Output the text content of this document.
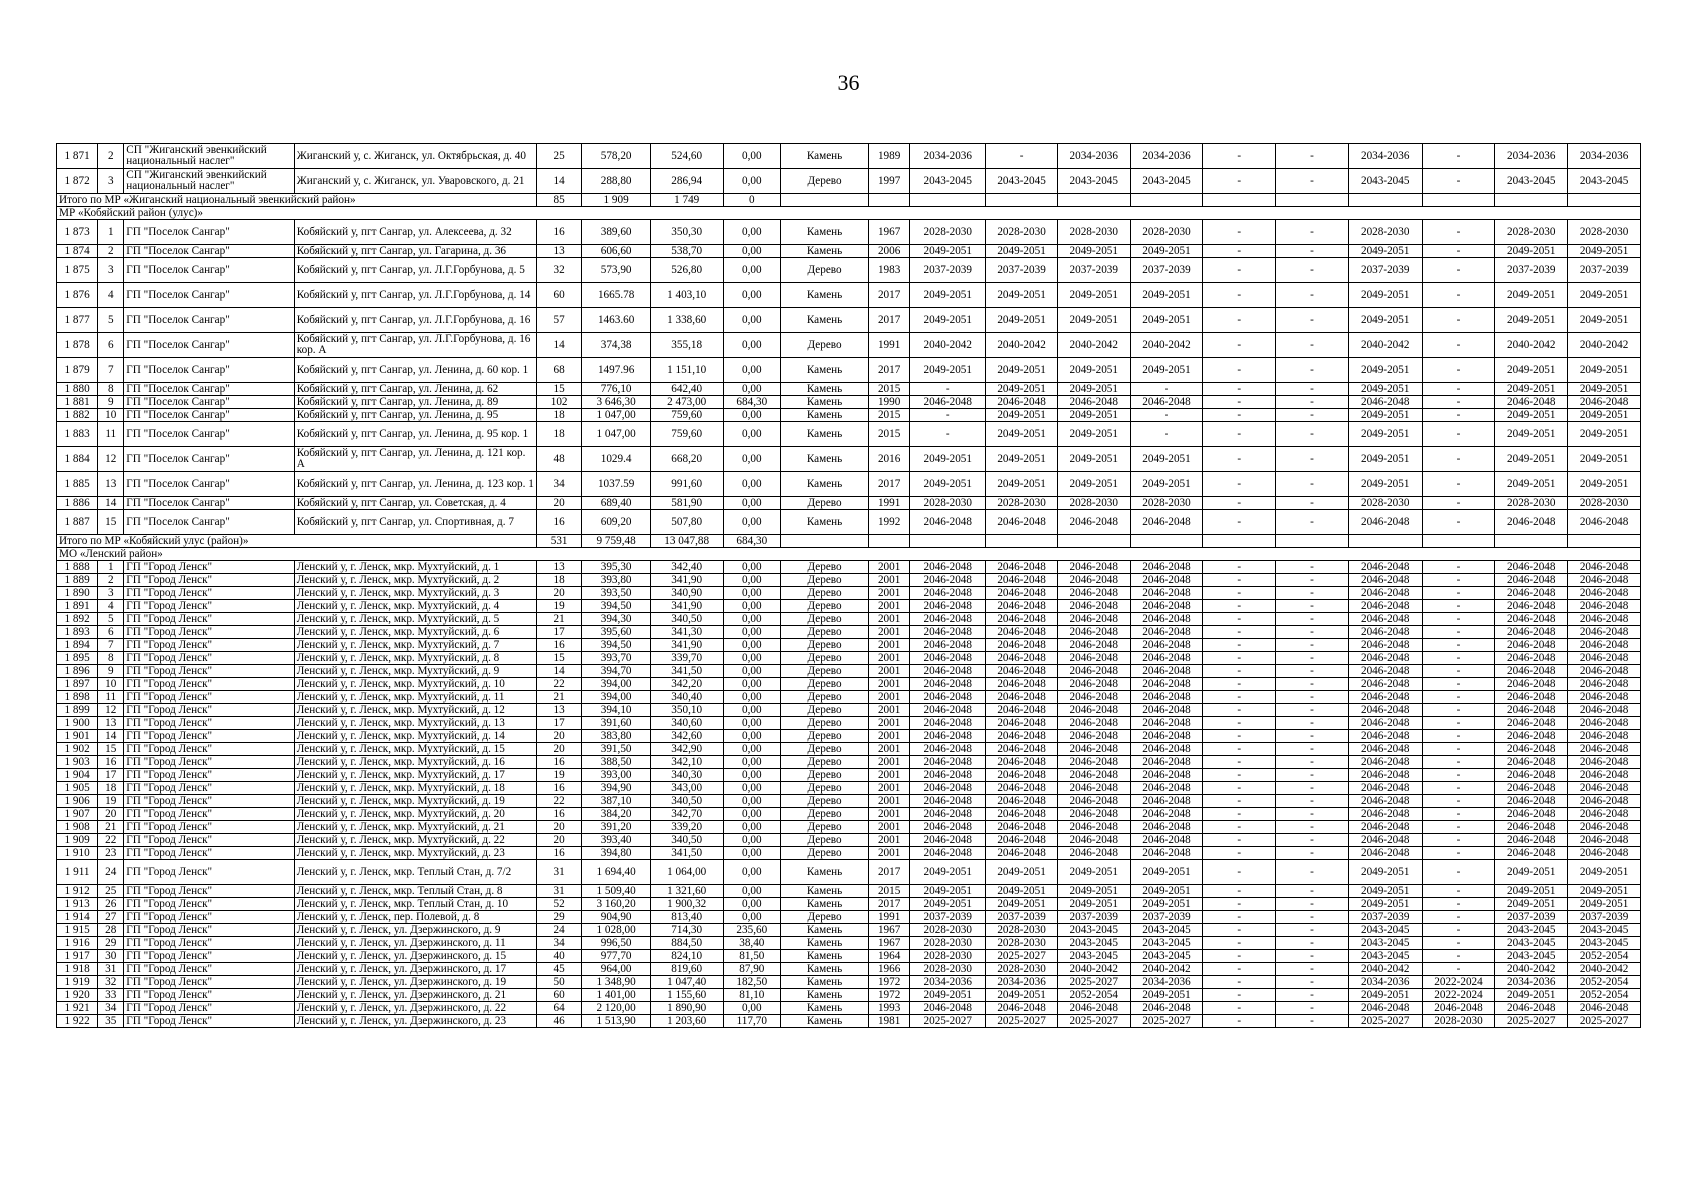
36
1 871	2	СП "Жиганский эвенкийский национальный наслег"	Жиганский у, с. Жиганск, ул. Октябрьская, д. 40	25	578,20	524,60	0,00	Камень	1989	2034-2036	-	2034-2036	2034-2036	-	-	2034-2036	-	2034-2036	2034-2036
1 872	3	СП "Жиганский эвенкийский национальный наслег"	Жиганский у, с. Жиганск, ул. Уваровского, д. 21	14	288,80	286,94	0,00	Дерево	1997	2043-2045	2043-2045	2043-2045	2043-2045	-	-	2043-2045	-	2043-2045	2043-2045
Итого по МР «Жиганский национальный эвенкийский район»				85	1 909	1 749	0												
МР «Кобяйский район (улус)»																			
1 873	1	ГП "Поселок Сангар"	Кобяйский у, пгт Сангар, ул. Алексеева, д. 32	16	389,60	350,30	0,00	Камень	1967	2028-2030	2028-2030	2028-2030	2028-2030	-	-	2028-2030	-	2028-2030	2028-2030
1 874	2	ГП "Поселок Сангар"	Кобяйский у, пгт Сангар, ул. Гагарина, д. 36	13	606,60	538,70	0,00	Камень	2006	2049-2051	2049-2051	2049-2051	2049-2051	-	-	2049-2051	-	2049-2051	2049-2051
1 875	3	ГП "Поселок Сангар"	Кобяйский у, пгт Сангар, ул. Л.Г.Горбунова, д. 5	32	573,90	526,80	0,00	Дерево	1983	2037-2039	2037-2039	2037-2039	2037-2039	-	-	2037-2039	-	2037-2039	2037-2039
1 876	4	ГП "Поселок Сангар"	Кобяйский у, пгт Сангар, ул. Л.Г.Горбунова, д. 14	60	1665.78	1 403,10	0,00	Камень	2017	2049-2051	2049-2051	2049-2051	2049-2051	-	-	2049-2051	-	2049-2051	2049-2051
1 877	5	ГП "Поселок Сангар"	Кобяйский у, пгт Сангар, ул. Л.Г.Горбунова, д. 16	57	1463.60	1 338,60	0,00	Камень	2017	2049-2051	2049-2051	2049-2051	2049-2051	-	-	2049-2051	-	2049-2051	2049-2051
1 878	6	ГП "Поселок Сангар"	Кобяйский у, пгт Сангар, ул. Л.Г.Горбунова, д. 16 кор. А	14	374,38	355,18	0,00	Дерево	1991	2040-2042	2040-2042	2040-2042	2040-2042	-	-	2040-2042	-	2040-2042	2040-2042
1 879	7	ГП "Поселок Сангар"	Кобяйский у, пгт Сангар, ул. Ленина, д. 60 кор. 1	68	1497.96	1 151,10	0,00	Камень	2017	2049-2051	2049-2051	2049-2051	2049-2051	-	-	2049-2051	-	2049-2051	2049-2051
1 880	8	ГП "Поселок Сангар"	Кобяйский у, пгт Сангар, ул. Ленина, д. 62	15	776,10	642,40	0,00	Камень	2015	-	2049-2051	2049-2051	-	-	-	2049-2051	-	2049-2051	2049-2051
1 881	9	ГП "Поселок Сангар"	Кобяйский у, пгт Сангар, ул. Ленина, д. 89	102	3 646,30	2 473,00	684,30	Камень	1990	2046-2048	2046-2048	2046-2048	2046-2048	-	-	2046-2048	-	2046-2048	2046-2048
1 882	10	ГП "Поселок Сангар"	Кобяйский у, пгт Сангар, ул. Ленина, д. 95	18	1 047,00	759,60	0,00	Камень	2015	-	2049-2051	2049-2051	-	-	-	2049-2051	-	2049-2051	2049-2051
1 883	11	ГП "Поселок Сангар"	Кобяйский у, пгт Сангар, ул. Ленина, д. 95 кор. 1	18	1 047,00	759,60	0,00	Камень	2015	-	2049-2051	2049-2051	-	-	-	2049-2051	-	2049-2051	2049-2051
1 884	12	ГП "Поселок Сангар"	Кобяйский у, пгт Сангар, ул. Ленина, д. 121 кор. А	48	1029.4	668,20	0,00	Камень	2016	2049-2051	2049-2051	2049-2051	2049-2051	-	-	2049-2051	-	2049-2051	2049-2051
1 885	13	ГП "Поселок Сангар"	Кобяйский у, пгт Сангар, ул. Ленина, д. 123 кор. 1	34	1037.59	991,60	0,00	Камень	2017	2049-2051	2049-2051	2049-2051	2049-2051	-	-	2049-2051	-	2049-2051	2049-2051
1 886	14	ГП "Поселок Сангар"	Кобяйский у, пгт Сангар, ул. Советская, д. 4	20	689,40	581,90	0,00	Дерево	1991	2028-2030	2028-2030	2028-2030	2028-2030	-	-	2028-2030	-	2028-2030	2028-2030
1 887	15	ГП "Поселок Сангар"	Кобяйский у, пгт Сангар, ул. Спортивная, д. 7	16	609,20	507,80	0,00	Камень	1992	2046-2048	2046-2048	2046-2048	2046-2048	-	-	2046-2048	-	2046-2048	2046-2048
Итого по МР «Кобяйский улус (район)»				531	9 759,48	13 047,88	684,30												
МО «Ленский район»																			
1 888	1	ГП "Город Ленск"	Ленский у, г. Ленск, мкр. Мухтуйский, д. 1	13	395,30	342,40	0,00	Дерево	2001	2046-2048	2046-2048	2046-2048	2046-2048	-	-	2046-2048	-	2046-2048	2046-2048
1 889	2	ГП "Город Ленск"	Ленский у, г. Ленск, мкр. Мухтуйский, д. 2	18	393,80	341,90	0,00	Дерево	2001	2046-2048	2046-2048	2046-2048	2046-2048	-	-	2046-2048	-	2046-2048	2046-2048
1 890	3	ГП "Город Ленск"	Ленский у, г. Ленск, мкр. Мухтуйский, д. 3	20	393,50	340,90	0,00	Дерево	2001	2046-2048	2046-2048	2046-2048	2046-2048	-	-	2046-2048	-	2046-2048	2046-2048
1 891	4	ГП "Город Ленск"	Ленский у, г. Ленск, мкр. Мухтуйский, д. 4	19	394,50	341,90	0,00	Дерево	2001	2046-2048	2046-2048	2046-2048	2046-2048	-	-	2046-2048	-	2046-2048	2046-2048
1 892	5	ГП "Город Ленск"	Ленский у, г. Ленск, мкр. Мухтуйский, д. 5	21	394,30	340,50	0,00	Дерево	2001	2046-2048	2046-2048	2046-2048	2046-2048	-	-	2046-2048	-	2046-2048	2046-2048
1 893	6	ГП "Город Ленск"	Ленский у, г. Ленск, мкр. Мухтуйский, д. 6	17	395,60	341,30	0,00	Дерево	2001	2046-2048	2046-2048	2046-2048	2046-2048	-	-	2046-2048	-	2046-2048	2046-2048
1 894	7	ГП "Город Ленск"	Ленский у, г. Ленск, мкр. Мухтуйский, д. 7	16	394,50	341,90	0,00	Дерево	2001	2046-2048	2046-2048	2046-2048	2046-2048	-	-	2046-2048	-	2046-2048	2046-2048
1 895	8	ГП "Город Ленск"	Ленский у, г. Ленск, мкр. Мухтуйский, д. 8	15	393,70	339,70	0,00	Дерево	2001	2046-2048	2046-2048	2046-2048	2046-2048	-	-	2046-2048	-	2046-2048	2046-2048
1 896	9	ГП "Город Ленск"	Ленский у, г. Ленск, мкр. Мухтуйский, д. 9	14	394,70	341,50	0,00	Дерево	2001	2046-2048	2046-2048	2046-2048	2046-2048	-	-	2046-2048	-	2046-2048	2046-2048
1 897	10	ГП "Город Ленск"	Ленский у, г. Ленск, мкр. Мухтуйский, д. 10	22	394,00	342,20	0,00	Дерево	2001	2046-2048	2046-2048	2046-2048	2046-2048	-	-	2046-2048	-	2046-2048	2046-2048
1 898	11	ГП "Город Ленск"	Ленский у, г. Ленск, мкр. Мухтуйский, д. 11	21	394,00	340,40	0,00	Дерево	2001	2046-2048	2046-2048	2046-2048	2046-2048	-	-	2046-2048	-	2046-2048	2046-2048
1 899	12	ГП "Город Ленск"	Ленский у, г. Ленск, мкр. Мухтуйский, д. 12	13	394,10	350,10	0,00	Дерево	2001	2046-2048	2046-2048	2046-2048	2046-2048	-	-	2046-2048	-	2046-2048	2046-2048
1 900	13	ГП "Город Ленск"	Ленский у, г. Ленск, мкр. Мухтуйский, д. 13	17	391,60	340,60	0,00	Дерево	2001	2046-2048	2046-2048	2046-2048	2046-2048	-	-	2046-2048	-	2046-2048	2046-2048
1 901	14	ГП "Город Ленск"	Ленский у, г. Ленск, мкр. Мухтуйский, д. 14	20	383,80	342,60	0,00	Дерево	2001	2046-2048	2046-2048	2046-2048	2046-2048	-	-	2046-2048	-	2046-2048	2046-2048
1 902	15	ГП "Город Ленск"	Ленский у, г. Ленск, мкр. Мухтуйский, д. 15	20	391,50	342,90	0,00	Дерево	2001	2046-2048	2046-2048	2046-2048	2046-2048	-	-	2046-2048	-	2046-2048	2046-2048
1 903	16	ГП "Город Ленск"	Ленский у, г. Ленск, мкр. Мухтуйский, д. 16	16	388,50	342,10	0,00	Дерево	2001	2046-2048	2046-2048	2046-2048	2046-2048	-	-	2046-2048	-	2046-2048	2046-2048
1 904	17	ГП "Город Ленск"	Ленский у, г. Ленск, мкр. Мухтуйский, д. 17	19	393,00	340,30	0,00	Дерево	2001	2046-2048	2046-2048	2046-2048	2046-2048	-	-	2046-2048	-	2046-2048	2046-2048
1 905	18	ГП "Город Ленск"	Ленский у, г. Ленск, мкр. Мухтуйский, д. 18	16	394,90	343,00	0,00	Дерево	2001	2046-2048	2046-2048	2046-2048	2046-2048	-	-	2046-2048	-	2046-2048	2046-2048
1 906	19	ГП "Город Ленск"	Ленский у, г. Ленск, мкр. Мухтуйский, д. 19	22	387,10	340,50	0,00	Дерево	2001	2046-2048	2046-2048	2046-2048	2046-2048	-	-	2046-2048	-	2046-2048	2046-2048
1 907	20	ГП "Город Ленск"	Ленский у, г. Ленск, мкр. Мухтуйский, д. 20	16	384,20	342,70	0,00	Дерево	2001	2046-2048	2046-2048	2046-2048	2046-2048	-	-	2046-2048	-	2046-2048	2046-2048
1 908	21	ГП "Город Ленск"	Ленский у, г. Ленск, мкр. Мухтуйский, д. 21	20	391,20	339,20	0,00	Дерево	2001	2046-2048	2046-2048	2046-2048	2046-2048	-	-	2046-2048	-	2046-2048	2046-2048
1 909	22	ГП "Город Ленск"	Ленский у, г. Ленск, мкр. Мухтуйский, д. 22	20	393,40	340,50	0,00	Дерево	2001	2046-2048	2046-2048	2046-2048	2046-2048	-	-	2046-2048	-	2046-2048	2046-2048
1 910	23	ГП "Город Ленск"	Ленский у, г. Ленск, мкр. Мухтуйский, д. 23	16	394,80	341,50	0,00	Дерево	2001	2046-2048	2046-2048	2046-2048	2046-2048	-	-	2046-2048	-	2046-2048	2046-2048
1 911	24	ГП "Город Ленск"	Ленский у, г. Ленск, мкр. Теплый Стан, д. 7/2	31	1 694,40	1 064,00	0,00	Камень	2017	2049-2051	2049-2051	2049-2051	2049-2051	-	-	2049-2051	-	2049-2051	2049-2051
1 912	25	ГП "Город Ленск"	Ленский у, г. Ленск, мкр. Теплый Стан, д. 8	31	1 509,40	1 321,60	0,00	Камень	2015	2049-2051	2049-2051	2049-2051	2049-2051	-	-	2049-2051	-	2049-2051	2049-2051
1 913	26	ГП "Город Ленск"	Ленский у, г. Ленск, мкр. Теплый Стан, д. 10	52	3 160,20	1 900,32	0,00	Камень	2017	2049-2051	2049-2051	2049-2051	2049-2051	-	-	2049-2051	-	2049-2051	2049-2051
1 914	27	ГП "Город Ленск"	Ленский у, г. Ленск, пер. Полевой, д. 8	29	904,90	813,40	0,00	Дерево	1991	2037-2039	2037-2039	2037-2039	2037-2039	-	-	2037-2039	-	2037-2039	2037-2039
1 915	28	ГП "Город Ленск"	Ленский у, г. Ленск, ул. Дзержинского, д. 9	24	1 028,00	714,30	235,60	Камень	1967	2028-2030	2028-2030	2043-2045	2043-2045	-	-	2043-2045	-	2043-2045	2043-2045
1 916	29	ГП "Город Ленск"	Ленский у, г. Ленск, ул. Дзержинского, д. 11	34	996,50	884,50	38,40	Камень	1967	2028-2030	2028-2030	2043-2045	2043-2045	-	-	2043-2045	-	2043-2045	2043-2045
1 917	30	ГП "Город Ленск"	Ленский у, г. Ленск, ул. Дзержинского, д. 15	40	977,70	824,10	81,50	Камень	1964	2028-2030	2025-2027	2043-2045	2043-2045	-	-	2043-2045	-	2043-2045	2052-2054
1 918	31	ГП "Город Ленск"	Ленский у, г. Ленск, ул. Дзержинского, д. 17	45	964,00	819,60	87,90	Камень	1966	2028-2030	2028-2030	2040-2042	2040-2042	-	-	2040-2042	-	2040-2042	2040-2042
1 919	32	ГП "Город Ленск"	Ленский у, г. Ленск, ул. Дзержинского, д. 19	50	1 348,90	1 047,40	182,50	Камень	1972	2034-2036	2034-2036	2025-2027	2034-2036	-	-	2034-2036	2022-2024	2034-2036	2052-2054
1 920	33	ГП "Город Ленск"	Ленский у, г. Ленск, ул. Дзержинского, д. 21	60	1 401,00	1 155,60	81,10	Камень	1972	2049-2051	2049-2051	2052-2054	2049-2051	-	-	2049-2051	2022-2024	2049-2051	2052-2054
1 921	34	ГП "Город Ленск"	Ленский у, г. Ленск, ул. Дзержинского, д. 22	64	2 120,00	1 890,90	0,00	Камень	1993	2046-2048	2046-2048	2046-2048	2046-2048	-	-	2046-2048	2046-2048	2046-2048	2046-2048
1 922	35	ГП "Город Ленск"	Ленский у, г. Ленск, ул. Дзержинского, д. 23	46	1 513,90	1 203,60	117,70	Камень	1981	2025-2027	2025-2027	2025-2027	2025-2027	-	-	2025-2027	2028-2030	2025-2027	2025-2027
